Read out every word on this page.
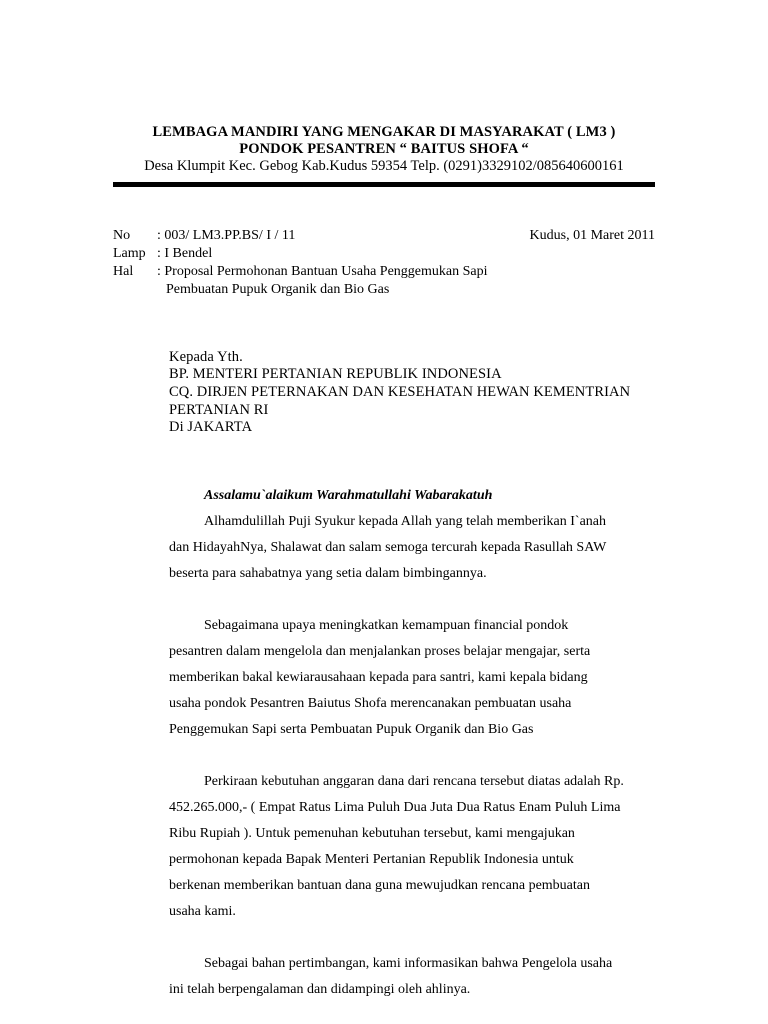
LEMBAGA MANDIRI YANG MENGAKAR DI MASYARAKAT ( LM3 )
PONDOK PESANTREN “ BAITUS SHOFA “
Desa Klumpit Kec. Gebog Kab.Kudus 59354 Telp. (0291)3329102/085640600161
No : 003/ LM3.PP.BS/ I / 11	Kudus, 01 Maret 2011
Lamp : I Bendel
Hal : Proposal Permohonan Bantuan Usaha Penggemukan Sapi
Pembuatan Pupuk Organik dan Bio Gas
Kepada Yth.
BP. MENTERI PERTANIAN REPUBLIK INDONESIA
CQ. DIRJEN PETERNAKAN DAN KESEHATAN HEWAN KEMENTRIAN
PERTANIAN RI
Di JAKARTA
Assalamu`alaikum Warahmatullahi Wabarakatuh
Alhamdulillah Puji Syukur kepada Allah yang telah memberikan I`anah
dan HidayahNya, Shalawat dan salam semoga tercurah kepada Rasullah SAW
beserta para sahabatnya yang setia dalam bimbingannya.
Sebagaimana upaya meningkatkan kemampuan financial pondok
pesantren dalam mengelola dan menjalankan proses belajar mengajar, serta
memberikan bakal kewiarausahaan kepada para santri, kami kepala bidang
usaha pondok Pesantren Baiutus Shofa merencanakan pembuatan usaha
Penggemukan Sapi serta Pembuatan Pupuk Organik dan Bio Gas
Perkiraan kebutuhan anggaran dana dari rencana tersebut diatas adalah Rp.
452.265.000,- ( Empat Ratus Lima Puluh Dua Juta Dua Ratus Enam Puluh Lima
Ribu Rupiah ). Untuk pemenuhan kebutuhan tersebut, kami mengajukan
permohonan kepada Bapak Menteri Pertanian Republik Indonesia untuk
berkenan memberikan bantuan dana guna mewujudkan rencana pembuatan
usaha kami.
Sebagai bahan pertimbangan, kami informasikan bahwa Pengelola usaha
ini telah berpengalaman dan didampingi oleh ahlinya.
